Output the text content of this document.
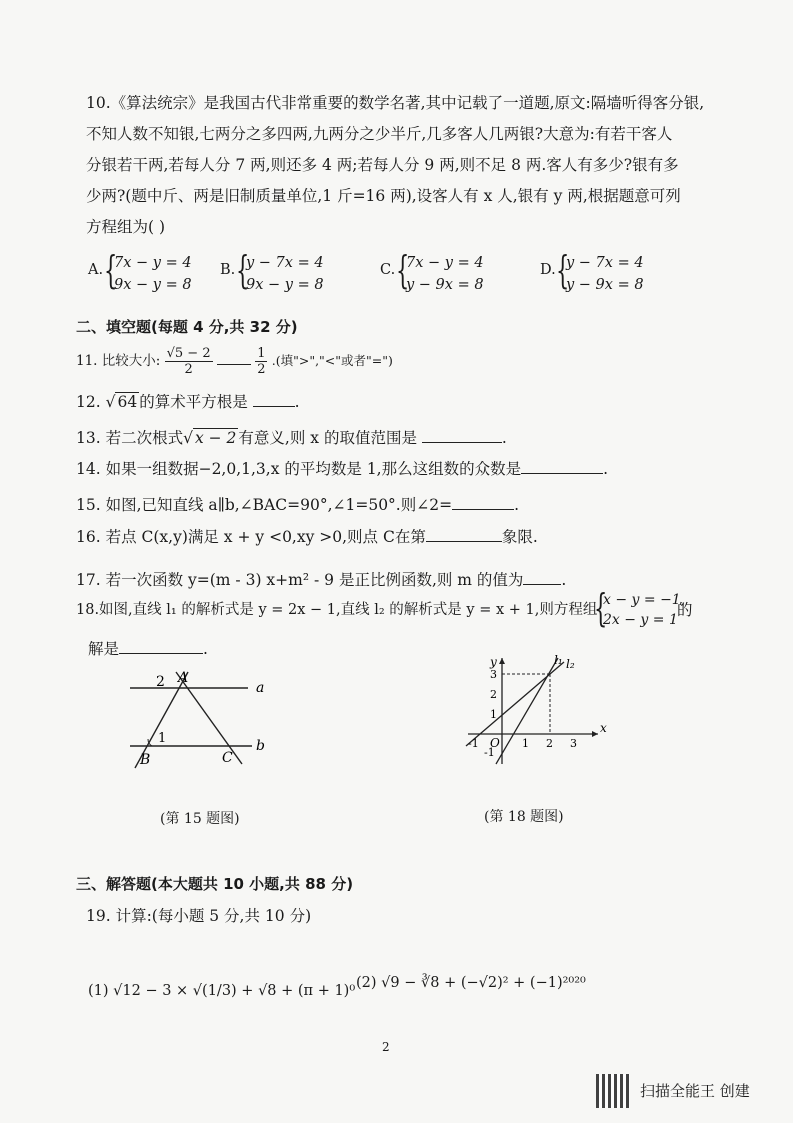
10.《算法统宗》是我国古代非常重要的数学名著,其中记载了一道题,原文:隔墙听得客分银,
不知人数不知银,七两分之多四两,九两分之少半斤,几多客人几两银?大意为:有若干客人
分银若干两,若每人分 7 两,则还多 4 两;若每人分 9 两,则不足 8 两.客人有多少?银有多
少两?(题中斤、两是旧制质量单位,1 斤=16 两),设客人有 x 人,银有 y 两,根据题意可列
方程组为( )
A. {
7x − y = 4
9x − y = 8
B. {
y − 7x = 4
9x − y = 8
C. {
7x − y = 4
y − 9x = 8
D. {
y − 7x = 4
y − 9x = 8
二、填空题(每题 4 分,共 32 分)
11. 比较大小: $\frac{√5 - 2}{2}$
	$\frac{1}{2}$ .(填">","<"或者"=")
12. √ 64 的算术平方根是	.
13. 若二次根式√ x − 2 有意义,则 x 的取值范围是	.
14. 如果一组数据−2,0,1,3,x 的平均数是 1,那么这组数的众数是	.
15. 如图,已知直线 a∥b,∠BAC=90°,∠1=50°.则∠2=	.
16. 若点 C(x,y)满足 x + y <0,xy >0,则点 C在第	象限.
17. 若一次函数 y=(m - 3) x+m² - 9 是正比例函数,则 m 的值为 .
18.如图,直线 l₁ 的解析式是 y = 2x − 1,直线 l₂ 的解析式是 y = x + 1,则方程组
{
x − y = −1,
2x − y = 1
的
解是	.
1
2 A
B	C
a
b
(第 15 题图)
y
x
O
l₁ l₂
3
2
1
-1
1 2 3
-1
(第 18 题图)
三、解答题(本大题共 10 小题,共 88 分)
19. 计算:(每小题 5 分,共 10 分)
(1) √12 − 3 × √(1/3) + √8 + (π + 1)⁰ (2) √9 − ∛8 + (−√2)² + (−1)²⁰²⁰
2
扫描全能王 创建
